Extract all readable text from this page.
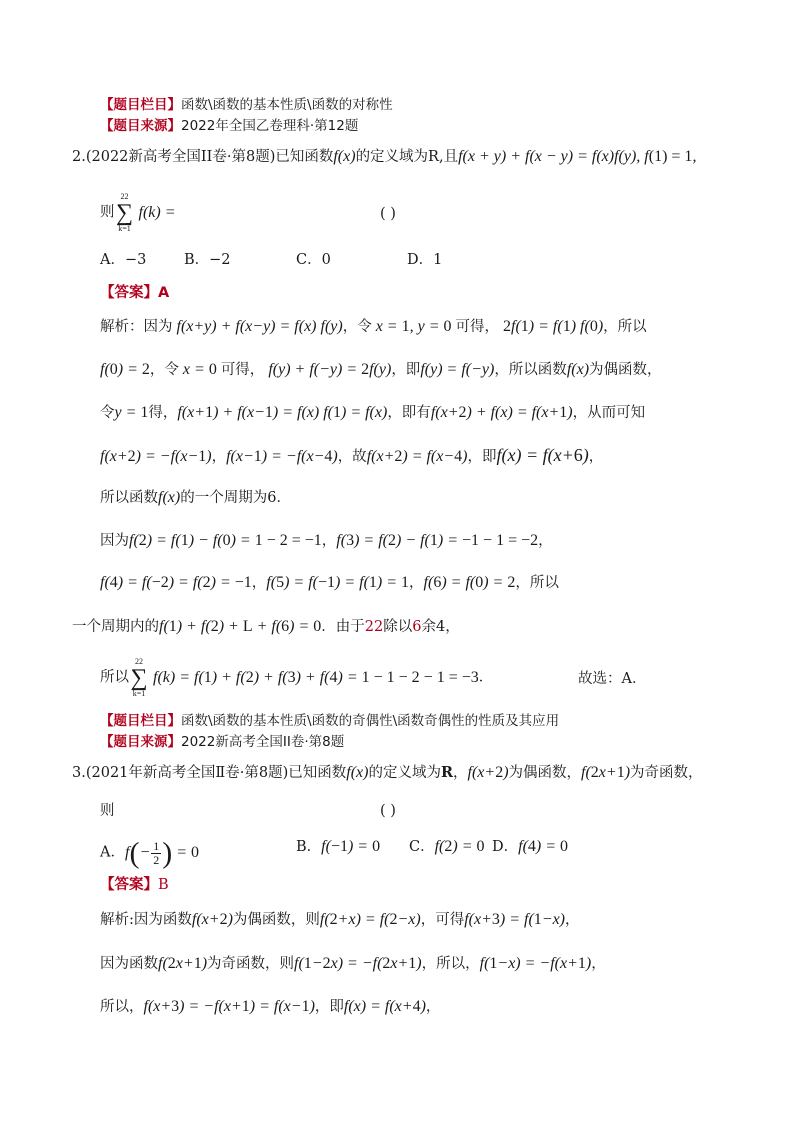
【题目栏目】函数\函数的基本性质\函数的对称性
【题目来源】2022年全国乙卷理科·第12题
2.(2022新高考全国II卷·第8题)已知函数f(x)的定义域为R,且f(x + y) + f(x − y) = f(x)f(y), f(1) = 1,
则
22
∑
k=1
f(k) =	( )
A．−3	B．−2	C．0	D．1
【答案】A
解析：因为 f(x+y) + f(x−y) = f(x) f(y)，令 x = 1, y = 0 可得， 2f(1) = f(1) f(0)，所以
f(0) = 2，令 x = 0 可得， f(y) + f(−y) = 2f(y)，即f(y) = f(−y)，所以函数f(x)为偶函数，
令y = 1得，f(x+1) + f(x−1) = f(x) f(1) = f(x)，即有f(x+2) + f(x) = f(x+1)，从而可知
f(x+2) = −f(x−1)，f(x−1) = −f(x−4)，故f(x+2) = f(x−4)，即f(x) = f(x+6)，
所以函数f(x)的一个周期为6．
因为f(2) = f(1) − f(0) = 1 − 2 = −1，f(3) = f(2) − f(1) = −1 − 1 = −2，
f(4) = f(−2) = f(2) = −1，f(5) = f(−1) = f(1) = 1，f(6) = f(0) = 2，所以
一个周期内的f(1) + f(2) + L + f(6) = 0．由于22除以6余4，
所以
22
∑
k=1
f(k) = f(1) + f(2) + f(3) + f(4) = 1 − 1 − 2 − 1 = −3．	故选：A．
【题目栏目】函数\函数的基本性质\函数的奇偶性\函数奇偶性的性质及其应用
【题目来源】2022新高考全国II卷·第8题
3.(2021年新高考全国Ⅱ卷·第8题)已知函数f(x)的定义域为R，f(x+2)为偶函数，f(2x+1)为奇函数，
则	( )
A．$f(- \frac{1}{2}$ ) = 0	B．f(−1) = 0 C．f(2) = 0 D．f(4) = 0
【答案】B
解析:因为函数f(x+2)为偶函数，则f(2+x) = f(2−x)，可得f(x+3) = f(1−x)，
因为函数f(2x+1)为奇函数，则f(1−2x) = −f(2x+1)，所以，f(1−x) = −f(x+1)，
所以，f(x+3) = −f(x+1) = f(x−1)，即f(x) = f(x+4)，
